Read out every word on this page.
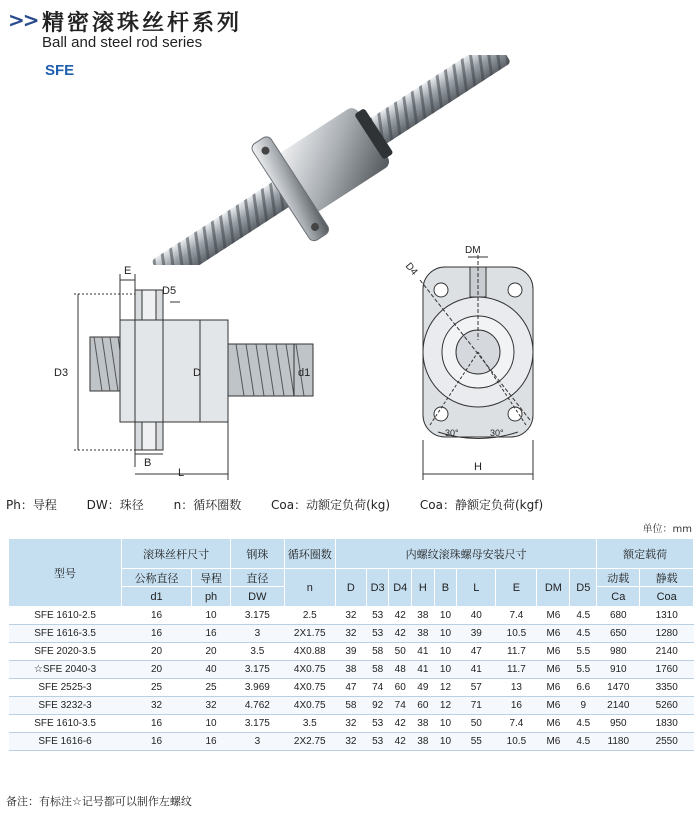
>> 精密滚珠丝杆系列
Ball and steel rod series
SFE
E
D5
D3	D	d1
B
L
DM
D4
30°	30°
H
Ph：导程 DW：珠径 n：循环圈数 Coa：动额定负荷(kg) Coa：静额定负荷(kgf)
单位：mm
型号	滚珠丝杆尺寸		钢珠	循环圈数	内螺纹滚珠螺母安装尺寸									额定载荷	
	公称直径	导程	直径	n	D	D3	D4	H	B	L	E	DM	D5	动载	静载
	d1	ph	DW											Ca	Coa
SFE 1610-2.5	16	10	3.175	2.5	32	53	42	38	10	40	7.4	M6	4.5	680	1310
SFE 1616-3.5	16	16	3	2X1.75	32	53	42	38	10	39	10.5	M6	4.5	650	1280
SFE 2020-3.5	20	20	3.5	4X0.88	39	58	50	41	10	47	11.7	M6	5.5	980	2140
☆SFE 2040-3	20	40	3.175	4X0.75	38	58	48	41	10	41	11.7	M6	5.5	910	1760
SFE 2525-3	25	25	3.969	4X0.75	47	74	60	49	12	57	13	M6	6.6	1470	3350
SFE 3232-3	32	32	4.762	4X0.75	58	92	74	60	12	71	16	M6	9	2140	5260
SFE 1610-3.5	16	10	3.175	3.5	32	53	42	38	10	50	7.4	M6	4.5	950	1830
SFE 1616-6	16	16	3	2X2.75	32	53	42	38	10	55	10.5	M6	4.5	1180	2550
备注：有标注☆记号都可以制作左螺纹
